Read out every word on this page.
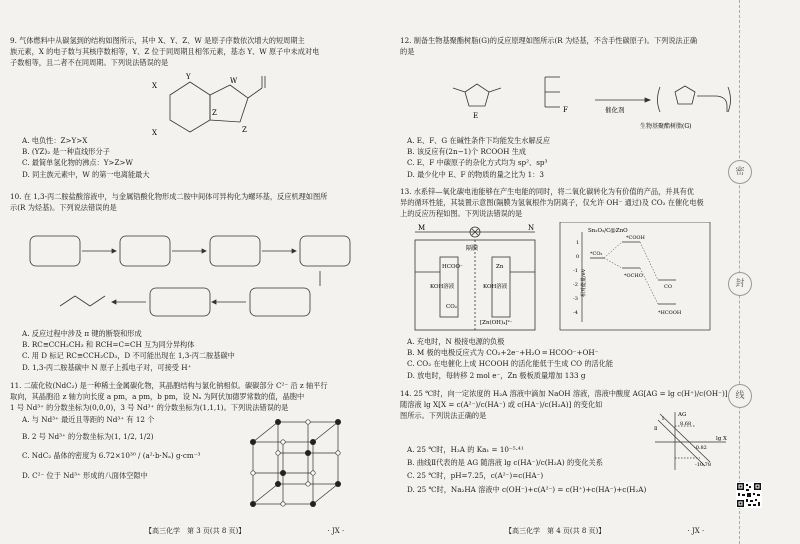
9. 气体燃料中从碳氢到的结构如图所示，其中 X、Y、Z、W 是原子序数依次增大的短周期主
族元素，X 的电子数与其核序数相等，Y、Z 位于同周期且相邻元素，基态 Y、W 原子中未成对电
子数相等，且二者不在同周期。下列说法错误的是
X
Y
Z
W
Z
X
A. 电负性：Z>Y>X
B. (YZ)₂ 是一种直线形分子
C. 最简单氢化物的沸点：Y>Z>W
D. 同主族元素中，W 的第一电离能最大
10. 在 1,3-丙二胺盐酸溶液中，与金属锆酸化物形成二胺中间体可异构化为螺环基，反应机理如图所
示(R 为烃基)。下列说法错误的是
A. 反应过程中涉及 π 键的断裂和形成
B. RC≡CCH₂CH₃ 和 RCH=C=CH 互为同分异构体
C. 用 D 标记 RC≡CCH₂CD₃，D 不可能出现在 1,3-丙二胺基碳中
D. 1,3-丙二胺基碳中 N 原子上孤电子对，可接受 H⁺
11. 二硫化钕(NdC₂) 是一种稀土金属碳化物，其晶胞结构与氯化钠相似。碳碳部分 C²⁻ 沿 z 轴平行
取向，其晶胞沿 z 轴方向长度 a pm，a pm，b pm，设 Nₐ 为阿伏加德罗常数的值，晶胞中
1 号 Nd³⁺ 的分数坐标为(0,0,0)，3 号 Nd³⁺ 的分数坐标为(1,1,1)。下列说法错误的是
A. 与 Nd³⁺ 最近且等距的 Nd³⁺ 有 12 个
B. 2 号 Nd³⁺ 的分数坐标为(1, 1/2, 1/2)
C. NdC₂ 晶体的密度为 6.72×10³⁰ / (a²·b·Nₐ) g·cm⁻³
D. C²⁻ 位于 Nd³⁺ 形成的八面体空隙中
【高三化学　第 3 页(共 8 页)】	· JX ·
12. 制备生物基聚酯树脂(G)的反应原理如图所示(R 为烃基，不含手性碳原子)。下列说法正确
的是
E
F	催化剂
生物基聚酯树脂(G)
A. E、F、G 在碱性条件下均能发生水解反应
B. 该反应有(2n−1)个 RCOOH 生成
C. E、F 中碳原子的杂化方式均为 sp²、sp³
D. 最少化中 E、F 的物质的量之比为 1：3
13. 水系锌—氧化碳电池能够在产生电能的同时，将二氧化碳转化为有价值的产品，并具有优
异的循环性能，其装置示意图(隔膜为氢氧根作为阴离子，仅允许 OH⁻ 通过)及 CO₂ 在催化电极
上的反应历程如图。下列说法错误的是
M	N
隔膜
HCOO⁻
KOH溶液
CO₂
Zn
KOH溶液
[Zn(OH)₄]²⁻
Sn₂O₃/C@ZnO
相对能量/eV
1
0
-1
-2
-3
-4
*CO₂
*COOH
*OCHO
CO
*HCOOH
A. 充电时，N 极接电源的负极
B. M 极的电极反应式为 CO₂+2e⁻+H₂O ═ HCOO⁻+OH⁻
C. CO₂ 在电催化上成 HCOOH 的活化能低于生成 CO 的活化能
D. 放电时，每转移 2 mol e⁻，Zn 极板质量增加 133 g
14. 25 ℃时，向一定浓度的 H₂A 溶液中滴加 NaOH 溶液，溶液中酸度 AG[AG = lg c(H⁺)/c(OH⁻)]
随溶液 lg X[X = c(A²⁻)/c(HA⁻) 或 c(HA⁻)/c(H₂A)] 的变化如
图所示。下列说法正确的是
A. 25 ℃时，H₂A 的 Ka₁ = 10⁻⁵·⁴¹
B. 曲线Ⅱ代表的是 AG 随溶液 lg c(HA⁻)/c(H₂A) 的变化关系
C. 25 ℃时，pH=7.25，c(A²⁻)=c(HA⁻)
D. 25 ℃时，Na₂HA 溶液中 c(OH⁻)+c(A²⁻) = c(H⁺)+c(HA⁻)+c(H₂A)
AG
lg X
8.68
-0.82
-10.78
Ⅰ
Ⅱ
【高三化学　第 4 页(共 8 页)】	· JX ·
密
封
线
